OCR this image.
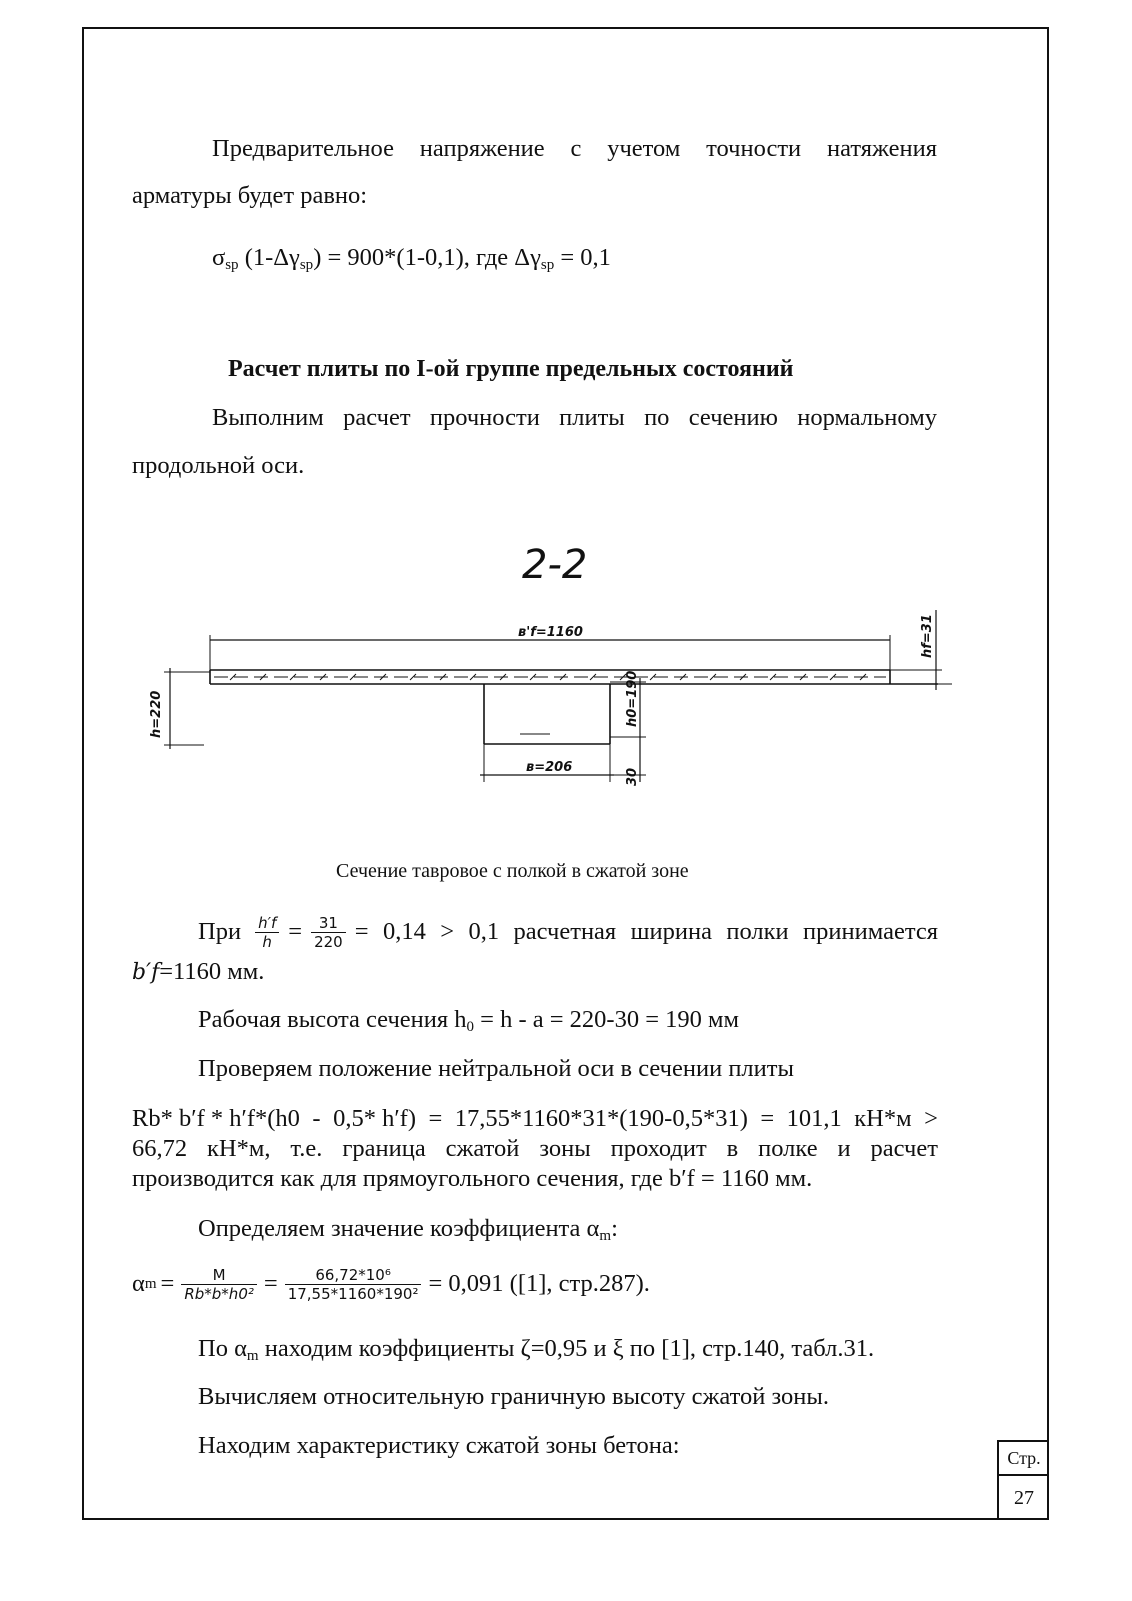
Предварительное напряжение с учетом точности натяжения
арматуры будет равно:
$\sigma_{sp}$ $(1-\Delta\gamma_{sp}) = 900*(1-0,1)$, где $\Delta\gamma_{sp} = 0,1$
Расчет плиты по I-ой группе предельных состояний
Выполним расчет прочности плиты по сечению нормальному
продольной оси.
2-2
в'f=1160
в=206
h=220	h0=190
30
hf=31
Сечение тавровое с полкой в сжатой зоне
При $\frac{h'f}{h} = \frac{31}{220} = 0,14 > 0,1$ расчетная ширина полки принимается
b′f=1160 мм.
Рабочая высота сечения $h_0 = h - a = 220-30 = 190$ мм
Проверяем положение нейтральной оси в сечении плиты
Rb* b′f * h′f*(h0 - 0,5* h′f) = 17,55*1160*31*(190-0,5*31) = 101,1 кН*м >
66,72 кН*м, т.е. граница сжатой зоны проходит в полке и расчет
производится как для прямоугольного сечения, где b′f = 1160 мм.
Определяем значение коэффициента $\alpha_m$:
α $m = \frac{M}{\text{Rb*b*h0²}} = \frac{\text{66,72*10⁶}}{\text{17,55*1160*190²}} = 0,091$ ([1], стр.287).
По $\alpha_m$ находим коэффициенты ζ=0,95 и ξ по [1], стр.140, табл.31.
Вычисляем относительную граничную высоту сжатой зоны.
Находим характеристику сжатой зоны бетона:	Стр.
27
